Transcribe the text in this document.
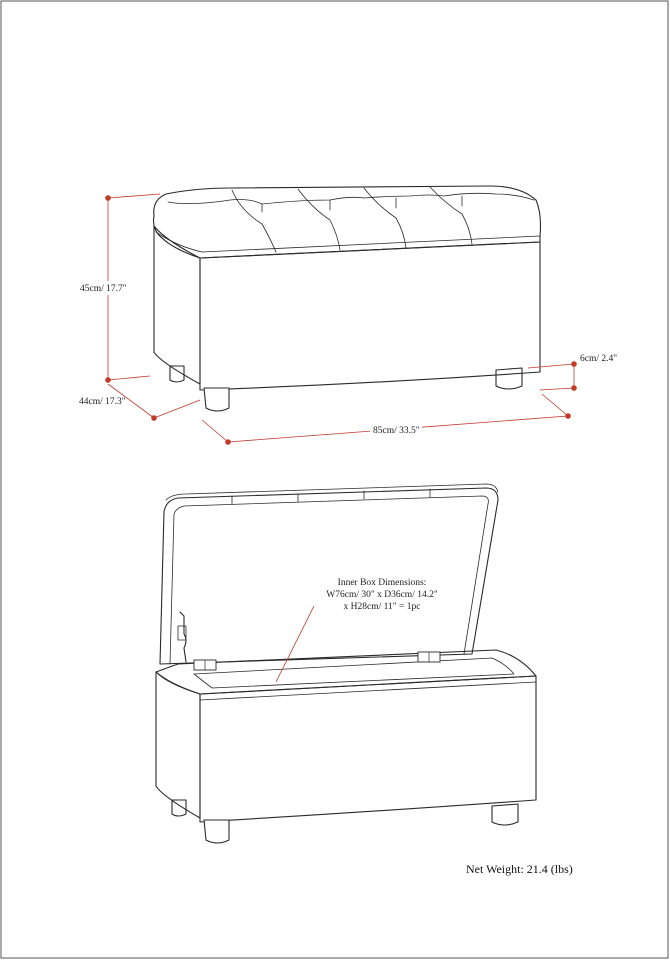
45cm/ 17.7"
44cm/ 17.3"
85cm/ 33.5"
6cm/ 2.4"
Inner Box Dimensions:
W76cm/ 30" x D36cm/ 14.2"
x H28cm/ 11" = 1pc
Net Weight: 21.4 (lbs)
